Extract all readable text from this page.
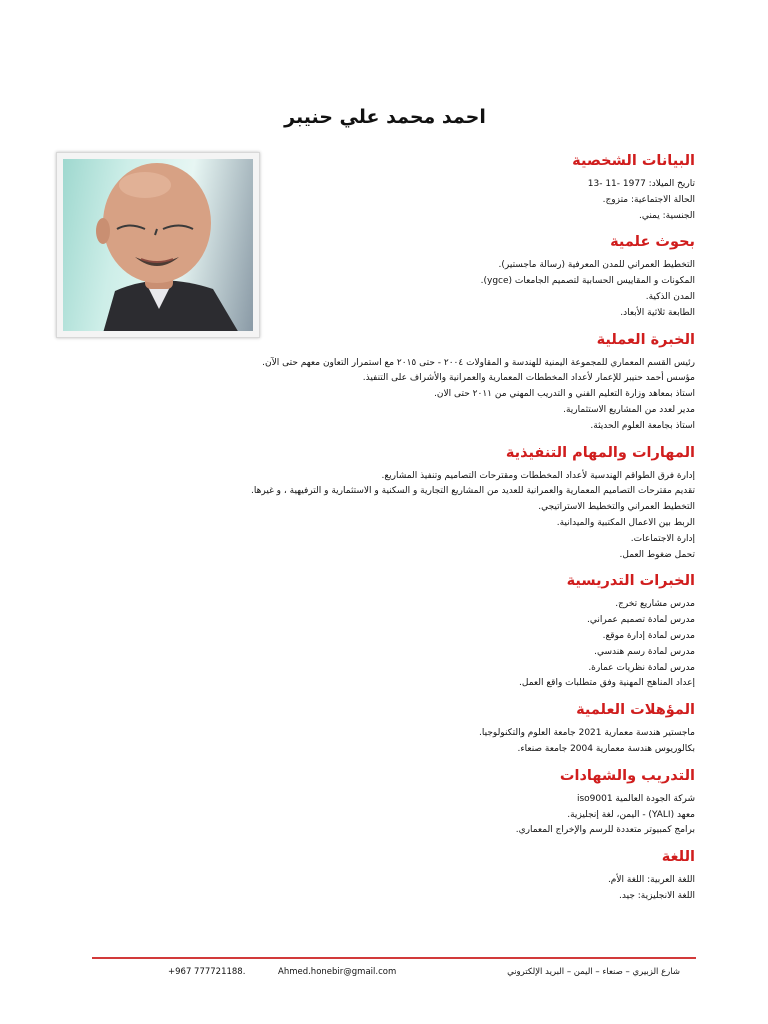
احمد محمد علي حنيبر
البيانات الشخصية
تاريخ الميلاد: 1977 -11 -13
الحالة الاجتماعية: متزوج.
الجنسية: يمني.
بحوث علمية
التخطيط العمراني للمدن المعرفية (رسالة ماجستير).
المكونات و المقاييس الحسابية لتصميم الجامعات (ygce).
المدن الذكية.
الطابعة ثلاثية الأبعاد.
الخبرة العملية
رئيس القسم المعماري للمجموعة اليمنية للهندسة و المقاولات ٢٠٠٤ - حتى ٢٠١٥ مع استمرار التعاون معهم حتى الآن.
مؤسس أحمد حنيبر للإعمار لأعداد المخططات المعمارية والعمرانية والأشراف على التنفيذ.
استاذ بمعاهد وزارة التعليم الفني و التدريب المهني من ٢٠١١ حتى الان.
مدير لعدد من المشاريع الاستثمارية.
استاذ بجامعة العلوم الحديثة.
المهارات والمهام التنفيذية
إدارة فرق الطواقم الهندسية لأعداد المخططات ومقترحات التصاميم وتنفيذ المشاريع.
تقديم مقترحات التصاميم المعمارية والعمرانية للعديد من المشاريع التجارية و السكنية و الاستثمارية و الترفيهية ، و غيرها.
التخطيط العمراني والتخطيط الاستراتيجي.
الربط بين الاعمال المكتبية والميدانية.
إدارة الاجتماعات.
تحمل ضغوط العمل.
الخبرات التدريسية
مدرس مشاريع تخرج.
مدرس لمادة تصميم عمراني.
مدرس لمادة إدارة موقع.
مدرس لمادة رسم هندسي.
مدرس لمادة نظريات عمارة.
إعداد المناهج المهنية وفق متطلبات واقع العمل.
المؤهلات العلمية
ماجستير هندسة معمارية 2021 جامعة العلوم والتكنولوجيا.
بكالوريوس هندسة معمارية 2004 جامعة صنعاء.
التدريب والشهادات
شركة الجودة العالمية iso9001
معهد (YALI) - اليمن، لغة إنجليزية.
برامج كمبيوتر متعددة للرسم والإخراج المعماري.
اللغة
اللغة العربية: اللغة الأم.
اللغة الانجليزية: جيد.
+967 777721188.	Ahmed.honebir@gmail.com	شارع الزبيري – صنعاء – اليمن – البريد الإلكتروني
